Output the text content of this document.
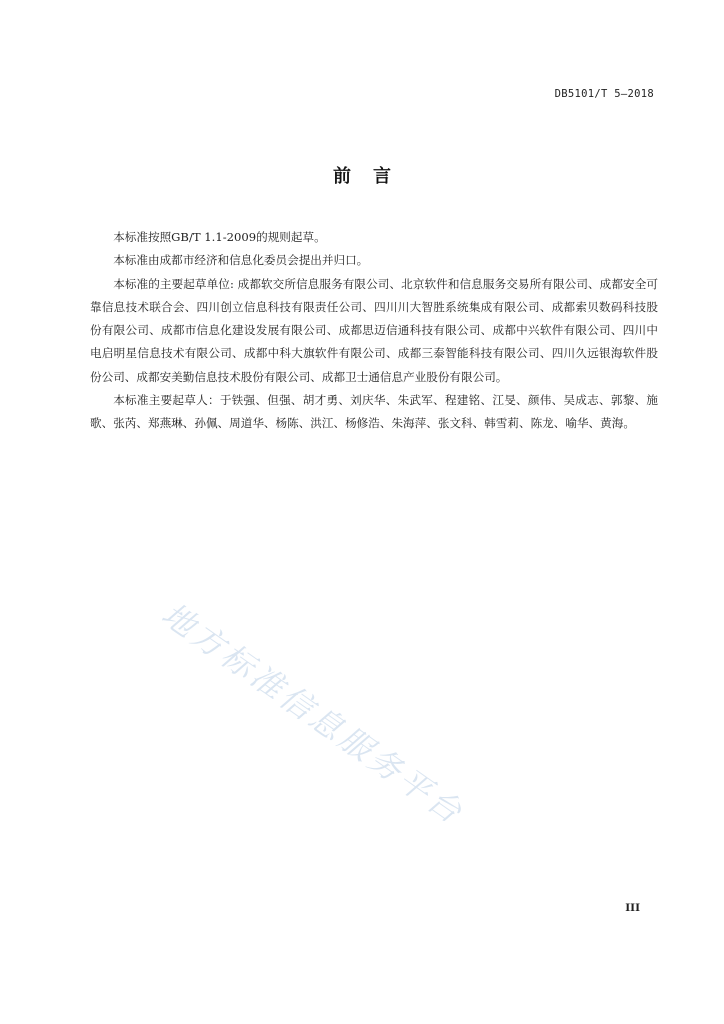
DB5101/T 5—2018
前言

本标准按照GB/T 1.1-2009的规则起草。

本标准由成都市经济和信息化委员会提出并归口。

本标准的主要起草单位: 成都软交所信息服务有限公司、北京软件和信息服务交易所有限公司、成都安全可靠信息技术联合会、四川创立信息科技有限责任公司、四川川大智胜系统集成有限公司、成都索贝数码科技股份有限公司、成都市信息化建设发展有限公司、成都思迈信通科技有限公司、成都中兴软件有限公司、四川中电启明星信息技术有限公司、成都中科大旗软件有限公司、成都三泰智能科技有限公司、四川久远银海软件股份公司、成都安美勤信息技术股份有限公司、成都卫士通信息产业股份有限公司。

本标准主要起草人：于铁强、但强、胡才勇、刘庆华、朱武军、程建铭、江旻、颜伟、吴成志、郭黎、施歌、张芮、郑燕琳、孙佩、周道华、杨陈、洪江、杨修浩、朱海萍、张文科、韩雪莉、陈龙、喻华、黄海。

地方标准信息服务平台
III
